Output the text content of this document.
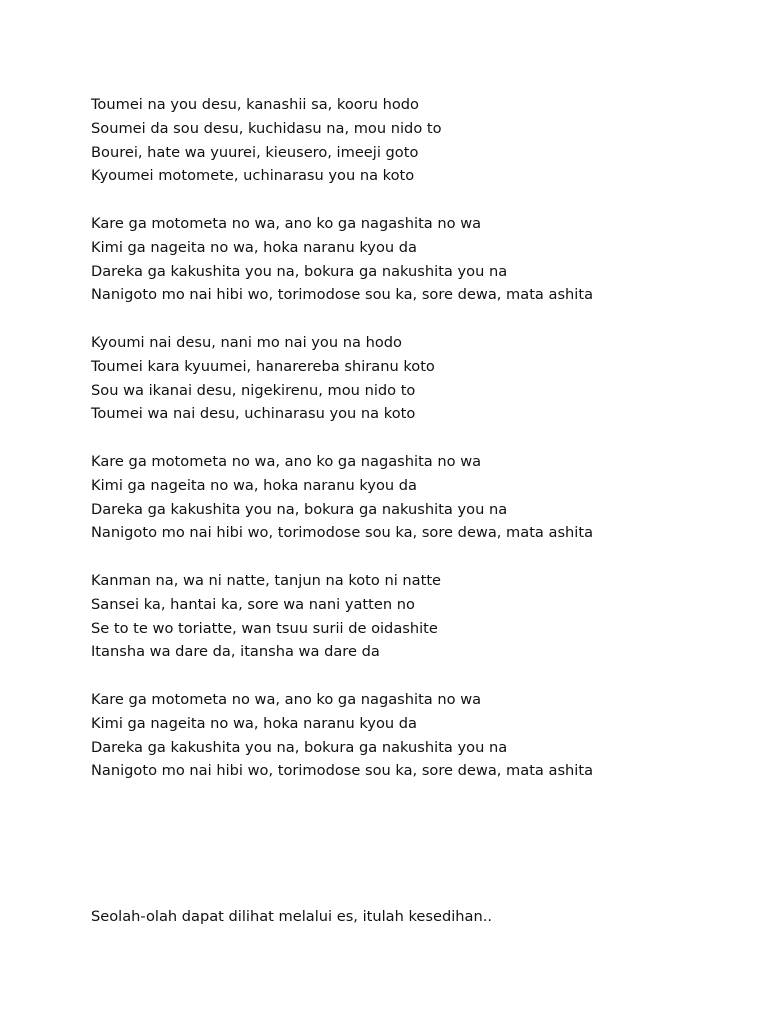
Toumei na you desu, kanashii sa, kooru hodo
Soumei da sou desu, kuchidasu na, mou nido to
Bourei, hate wa yuurei, kieusero, imeeji goto
Kyoumei motomete, uchinarasu you na koto
Kare ga motometa no wa, ano ko ga nagashita no wa
Kimi ga nageita no wa, hoka naranu kyou da
Dareka ga kakushita you na, bokura ga nakushita you na
Nanigoto mo nai hibi wo, torimodose sou ka, sore dewa, mata ashita
Kyoumi nai desu, nani mo nai you na hodo
Toumei kara kyuumei, hanarereba shiranu koto
Sou wa ikanai desu, nigekirenu, mou nido to
Toumei wa nai desu, uchinarasu you na koto
Kare ga motometa no wa, ano ko ga nagashita no wa
Kimi ga nageita no wa, hoka naranu kyou da
Dareka ga kakushita you na, bokura ga nakushita you na
Nanigoto mo nai hibi wo, torimodose sou ka, sore dewa, mata ashita
Kanman na, wa ni natte, tanjun na koto ni natte
Sansei ka, hantai ka, sore wa nani yatten no
Se to te wo toriatte, wan tsuu surii de oidashite
Itansha wa dare da, itansha wa dare da
Kare ga motometa no wa, ano ko ga nagashita no wa
Kimi ga nageita no wa, hoka naranu kyou da
Dareka ga kakushita you na, bokura ga nakushita you na
Nanigoto mo nai hibi wo, torimodose sou ka, sore dewa, mata ashita
Seolah-olah dapat dilihat melalui es, itulah kesedihan..
